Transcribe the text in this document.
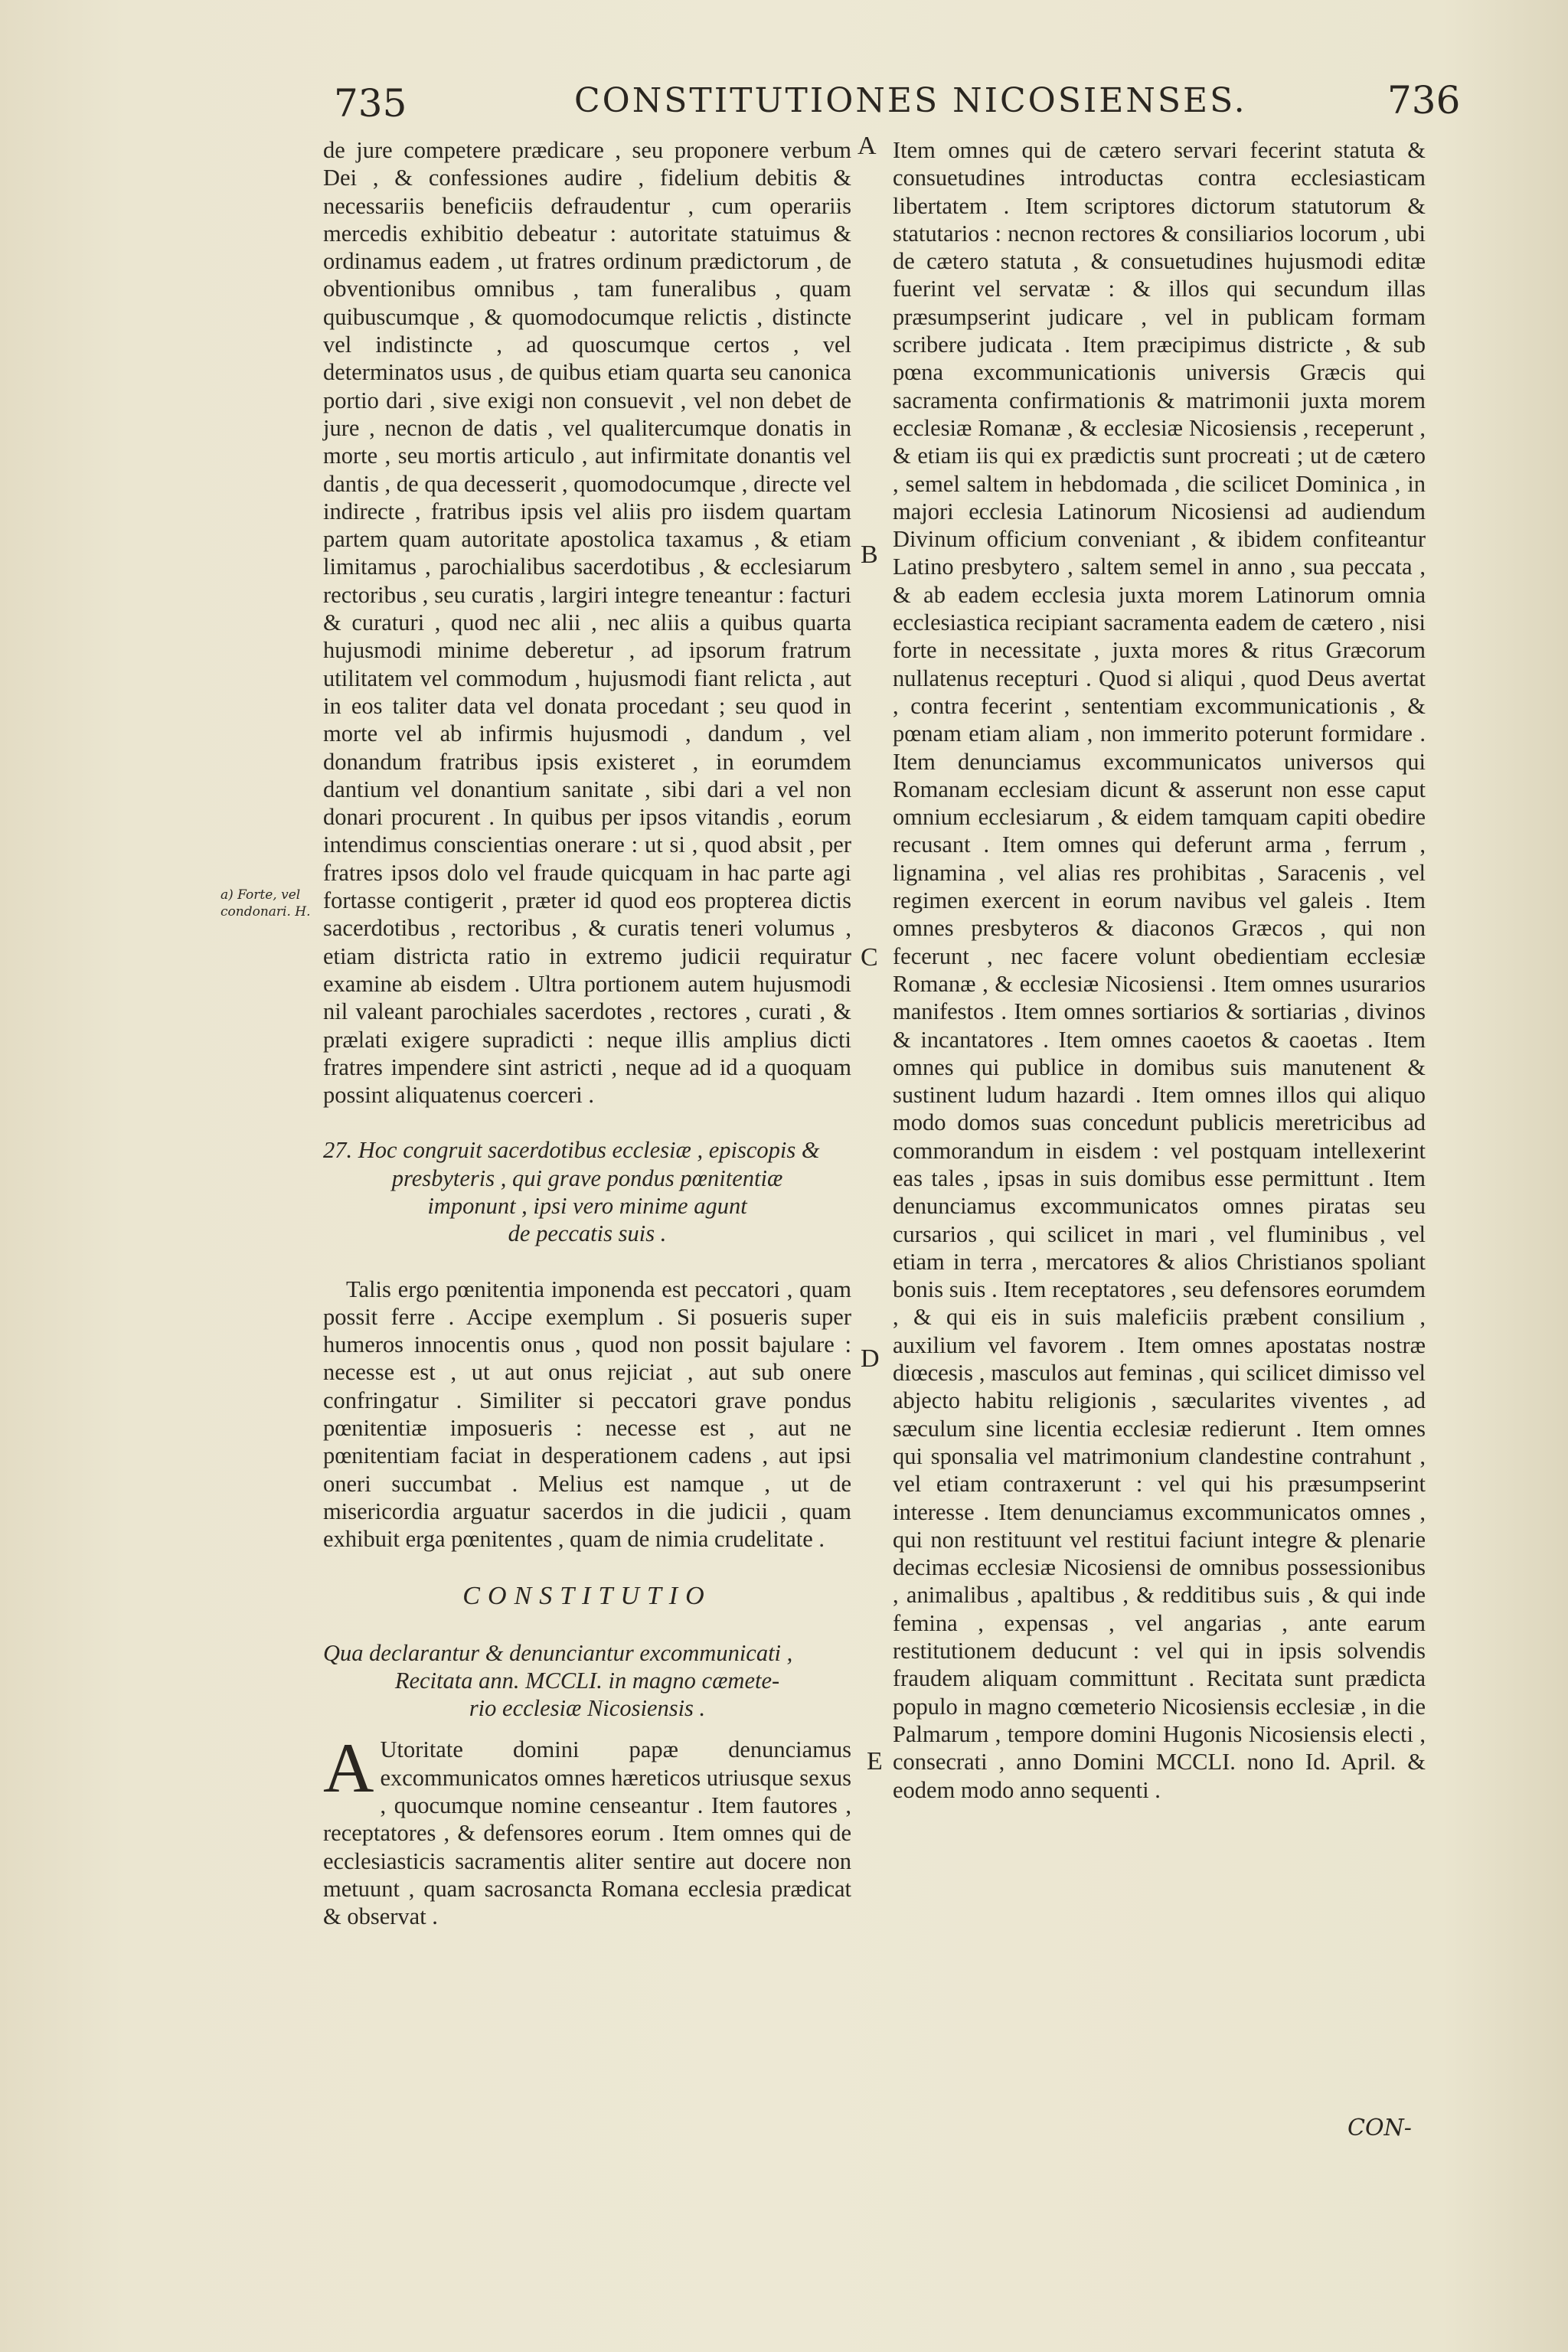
735	CONSTITUTIONES NICOSIENSES.	736
a) Forte, vel condonari. H.
A
B
C
D
E

de jure competere prædicare , seu proponere verbum Dei , & confessiones audire , fidelium debitis & necessariis beneficiis defraudentur , cum operariis mercedis exhibitio debeatur : autoritate statuimus & ordinamus eadem , ut fratres ordinum prædictorum , de obventionibus omnibus , tam funeralibus , quam quibuscumque , & quomodocumque relictis , distincte vel indistincte , ad quoscumque certos , vel determinatos usus , de quibus etiam quarta seu canonica portio dari , sive exigi non consuevit , vel non debet de jure , necnon de datis , vel qualitercumque donatis in morte , seu mortis articulo , aut infirmitate donantis vel dantis , de qua decesserit , quomodocumque , directe vel indirecte , fratribus ipsis vel aliis pro iisdem quartam partem quam autoritate apostolica taxamus , & etiam limitamus , parochialibus sacerdotibus , & ecclesiarum rectoribus , seu curatis , largiri integre teneantur : facturi & curaturi , quod nec alii , nec aliis a quibus quarta hujusmodi minime deberetur , ad ipsorum fratrum utilitatem vel commodum , hujusmodi fiant relicta , aut in eos taliter data vel donata procedant ; seu quod in morte vel ab infirmis hujusmodi , dandum , vel donandum fratribus ipsis existeret , in eorumdem dantium vel donantium sanitate , sibi dari a vel non donari procurent . In quibus per ipsos vitandis , eorum intendimus conscientias onerare : ut si , quod absit , per fratres ipsos dolo vel fraude quicquam in hac parte agi fortasse contigerit , præter id quod eos propterea dictis sacerdotibus , rectoribus , & curatis teneri volumus , etiam districta ratio in extremo judicii requiratur examine ab eisdem . Ultra portionem autem hujusmodi nil valeant parochiales sacerdotes , rectores , curati , & prælati exigere supradicti : neque illis amplius dicti fratres impendere sint astricti , neque ad id a quoquam possint aliquatenus coerceri .

27. Hoc congruit sacerdotibus ecclesiæ , episcopis &

presbyteris , qui grave pondus pœnitentiæ

imponunt , ipsi vero minime agunt

de peccatis suis .

Talis ergo pœnitentia imponenda est peccatori , quam possit ferre . Accipe exemplum . Si posueris super humeros innocentis onus , quod non possit bajulare : necesse est , ut aut onus rejiciat , aut sub onere confringatur . Similiter si peccatori grave pondus pœnitentiæ imposueris : necesse est , aut ne pœnitentiam faciat in desperationem cadens , aut ipsi oneri succumbat . Melius est namque , ut de misericordia arguatur sacerdos in die judicii , quam exhibuit erga pœnitentes , quam de nimia crudelitate .

CONSTITUTIO

Qua declarantur & denunciantur excommunicati ,

Recitata ann. MCCLI. in magno cæmete-

rio ecclesiæ Nicosiensis .

A Utoritate domini papæ denunciamus excommunicatos omnes hæreticos utriusque sexus , quocumque nomine censeantur . Item fautores , receptatores , & defensores eorum . Item omnes qui de ecclesiasticis sacramentis aliter sentire aut docere non metuunt , quam sacrosancta Romana ecclesia prædicat & observat .

Item omnes qui de cætero servari fecerint statuta & consuetudines introductas contra ecclesiasticam libertatem . Item scriptores dictorum statutorum & statutarios : necnon rectores & consiliarios locorum , ubi de cætero statuta , & consuetudines hujusmodi editæ fuerint vel servatæ : & illos qui secundum illas præsumpserint judicare , vel in publicam formam scribere judicata . Item præcipimus districte , & sub pœna excommunicationis universis Græcis qui sacramenta confirmationis & matrimonii juxta morem ecclesiæ Romanæ , & ecclesiæ Nicosiensis , receperunt , & etiam iis qui ex prædictis sunt procreati ; ut de cætero , semel saltem in hebdomada , die scilicet Dominica , in majori ecclesia Latinorum Nicosiensi ad audiendum Divinum officium conveniant , & ibidem confiteantur Latino presbytero , saltem semel in anno , sua peccata , & ab eadem ecclesia juxta morem Latinorum omnia ecclesiastica recipiant sacramenta eadem de cætero , nisi forte in necessitate , juxta mores & ritus Græcorum nullatenus recepturi . Quod si aliqui , quod Deus avertat , contra fecerint , sententiam excommunicationis , & pœnam etiam aliam , non immerito poterunt formidare . Item denunciamus excommunicatos universos qui Romanam ecclesiam dicunt & asserunt non esse caput omnium ecclesiarum , & eidem tamquam capiti obedire recusant . Item omnes qui deferunt arma , ferrum , lignamina , vel alias res prohibitas , Saracenis , vel regimen exercent in eorum navibus vel galeis . Item omnes presbyteros & diaconos Græcos , qui non fecerunt , nec facere volunt obedientiam ecclesiæ Romanæ , & ecclesiæ Nicosiensi . Item omnes usurarios manifestos . Item omnes sortiarios & sortiarias , divinos & incantatores . Item omnes caoetos & caoetas . Item omnes qui publice in domibus suis manutenent & sustinent ludum hazardi . Item omnes illos qui aliquo modo domos suas concedunt publicis meretricibus ad commorandum in eisdem : vel postquam intellexerint eas tales , ipsas in suis domibus esse permittunt . Item denunciamus excommunicatos omnes piratas seu cursarios , qui scilicet in mari , vel fluminibus , vel etiam in terra , mercatores & alios Christianos spoliant bonis suis . Item receptatores , seu defensores eorumdem , & qui eis in suis maleficiis præbent consilium , auxilium vel favorem . Item omnes apostatas nostræ diœcesis , masculos aut feminas , qui scilicet dimisso vel abjecto habitu religionis , sæcularites viventes , ad sæculum sine licentia ecclesiæ redierunt . Item omnes qui sponsalia vel matrimonium clandestine contrahunt , vel etiam contraxerunt : vel qui his præsumpserint interesse . Item denunciamus excommunicatos omnes , qui non restituunt vel restitui faciunt integre & plenarie decimas ecclesiæ Nicosiensi de omnibus possessionibus , animalibus , apaltibus , & redditibus suis , & qui inde femina , expensas , vel angarias , ante earum restitutionem deducunt : vel qui in ipsis solvendis fraudem aliquam committunt . Recitata sunt prædicta populo in magno cœmeterio Nicosiensis ecclesiæ , in die Palmarum , tempore domini Hugonis Nicosiensis electi , consecrati , anno Domini MCCLI. nono Id. April. & eodem modo anno sequenti .

CON-
